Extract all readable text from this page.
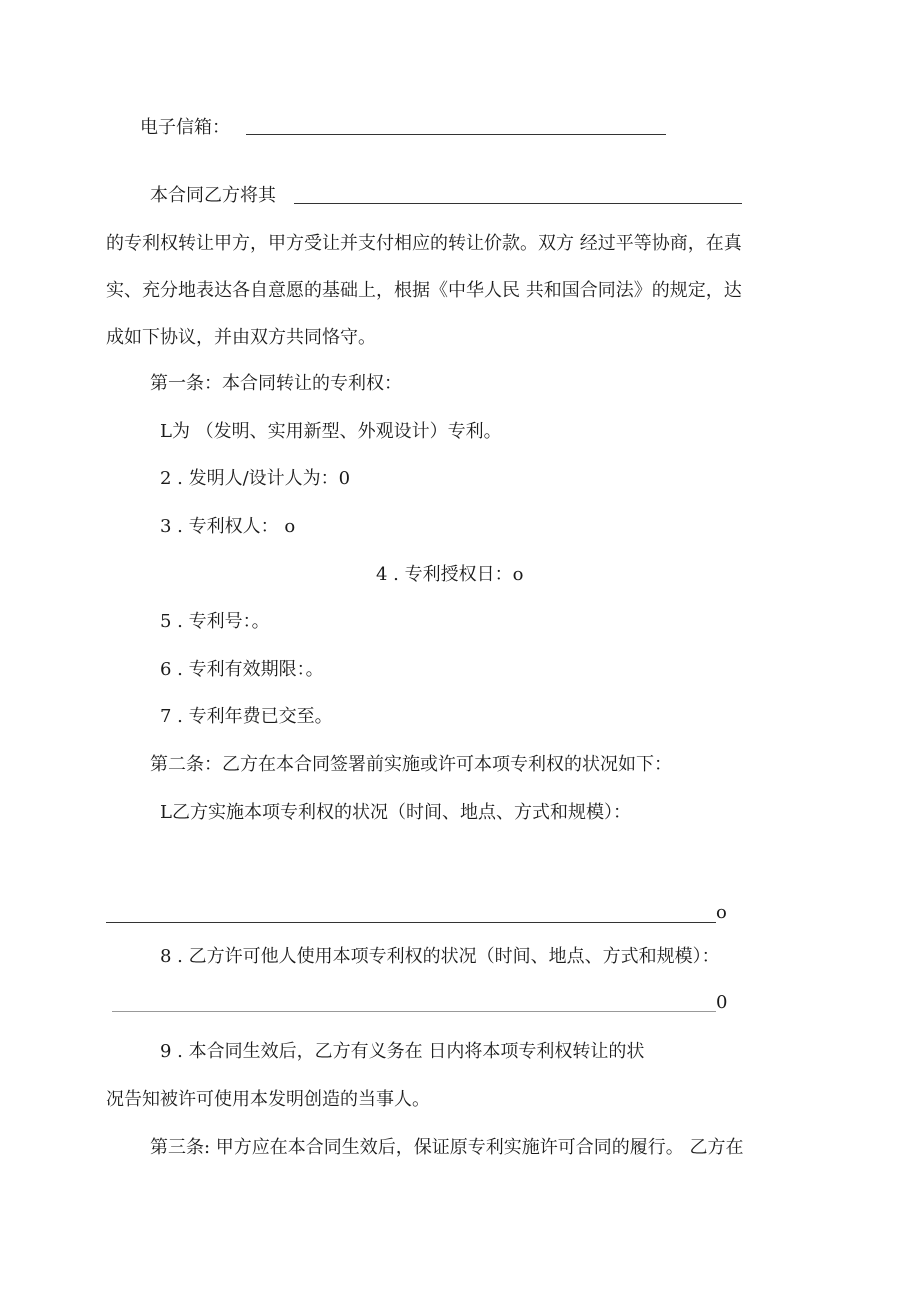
电子信箱：
本合同乙方将其
的专利权转让甲方，甲方受让并支付相应的转让价款。双方 经过平等协商，在真
实、充分地表达各自意愿的基础上，根据《中华人民 共和国合同法》的规定，达
成如下协议，并由双方共同恪守。
第一条：本合同转让的专利权：
L为 （发明、实用新型、外观设计）专利。
2 . 发明人/设计人为：0
3 . 专利权人： o
4 . 专利授权日：o
5 . 专利号：。
6 . 专利有效期限：。
7 . 专利年费已交至。
第二条：乙方在本合同签署前实施或许可本项专利权的状况如下：
L乙方实施本项专利权的状况（时间、地点、方式和规模）：
o
8 . 乙方许可他人使用本项专利权的状况（时间、地点、方式和规模）：
0
9 . 本合同生效后，乙方有义务在 日内将本项专利权转让的状
况告知被许可使用本发明创造的当事人。
第三条: 甲方应在本合同生效后，保证原专利实施许可合同的履行。 乙方在
